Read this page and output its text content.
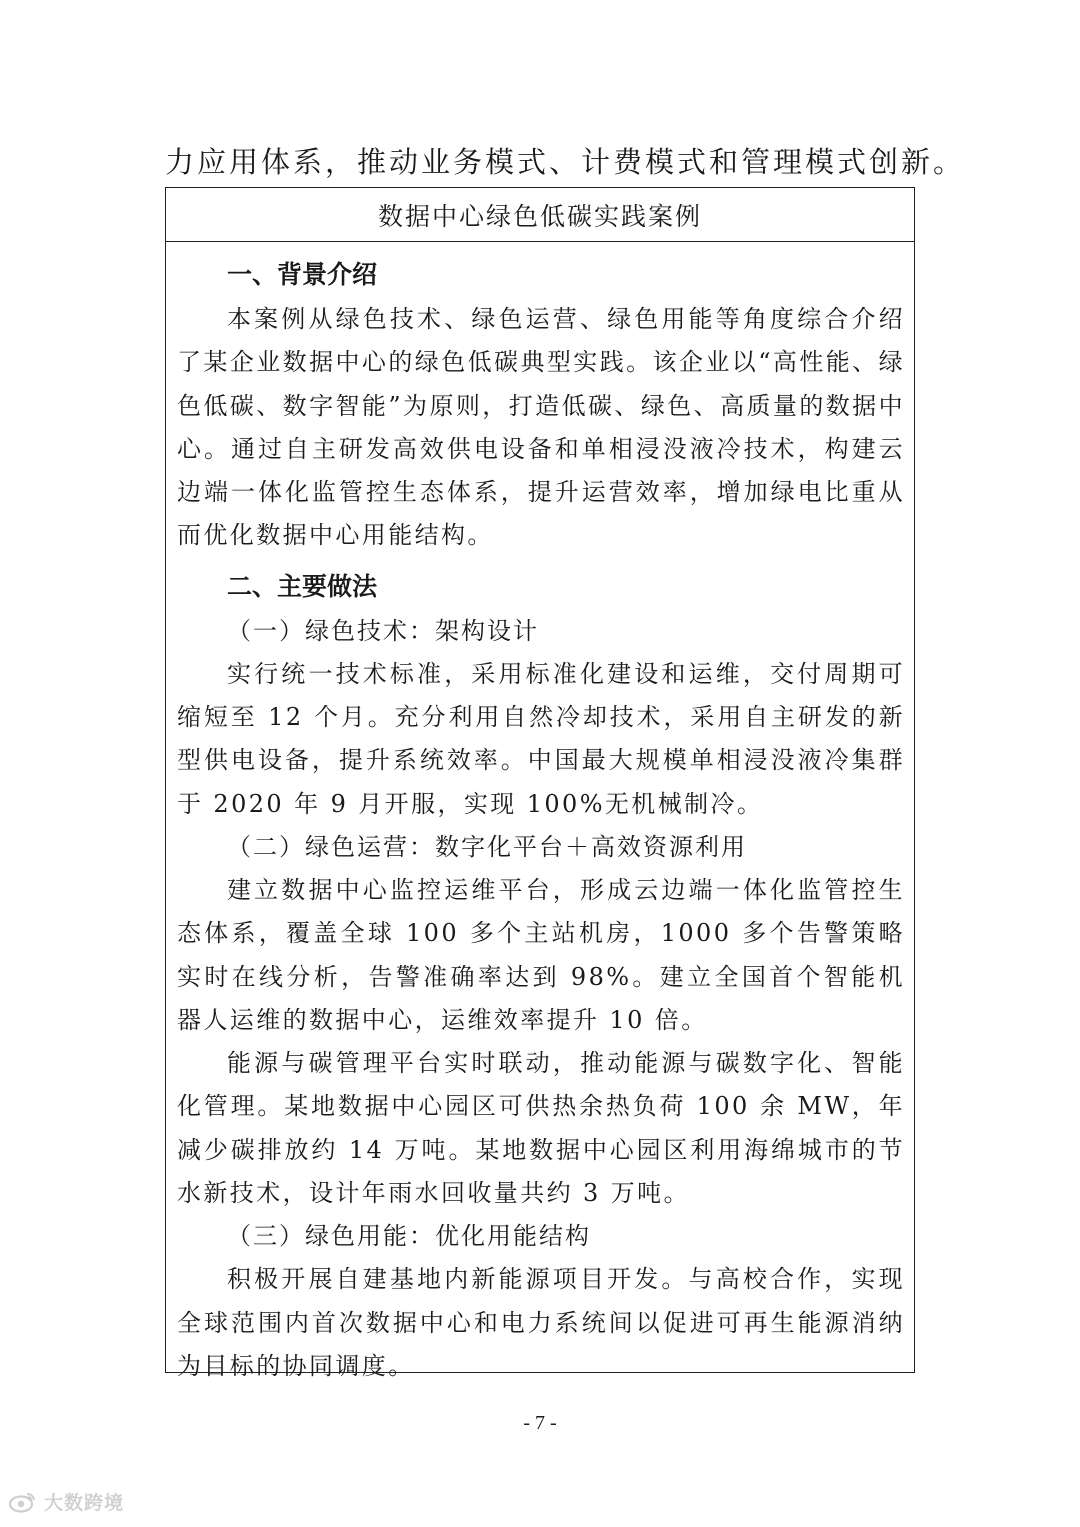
力应用体系，推动业务模式、计费模式和管理模式创新。
数据中心绿色低碳实践案例
一、背景介绍

本案例从绿色技术、绿色运营、绿色用能等角度综合介绍了某企业数据中心的绿色低碳典型实践。该企业以“高性能、绿色低碳、数字智能”为原则，打造低碳、绿色、高质量的数据中心。通过自主研发高效供电设备和单相浸没液冷技术，构建云边端一体化监管控生态体系，提升运营效率，增加绿电比重从而优化数据中心用能结构。

二、主要做法
（一）绿色技术：架构设计

实行统一技术标准，采用标准化建设和运维，交付周期可缩短至 12 个月。充分利用自然冷却技术，采用自主研发的新型供电设备，提升系统效率。中国最大规模单相浸没液冷集群于 2020 年 9 月开服，实现 100%无机械制冷。

（二）绿色运营：数字化平台＋高效资源利用

建立数据中心监控运维平台，形成云边端一体化监管控生态体系，覆盖全球 100 多个主站机房，1000 多个告警策略实时在线分析，告警准确率达到 98%。建立全国首个智能机器人运维的数据中心，运维效率提升 10 倍。

能源与碳管理平台实时联动，推动能源与碳数字化、智能化管理。某地数据中心园区可供热余热负荷 100 余 MW，年减少碳排放约 14 万吨。某地数据中心园区利用海绵城市的节水新技术，设计年雨水回收量共约 3 万吨。

（三）绿色用能：优化用能结构

积极开展自建基地内新能源项目开发。与高校合作，实现全球范围内首次数据中心和电力系统间以促进可再生能源消纳为目标的协同调度。

- 7 -
大数跨境
